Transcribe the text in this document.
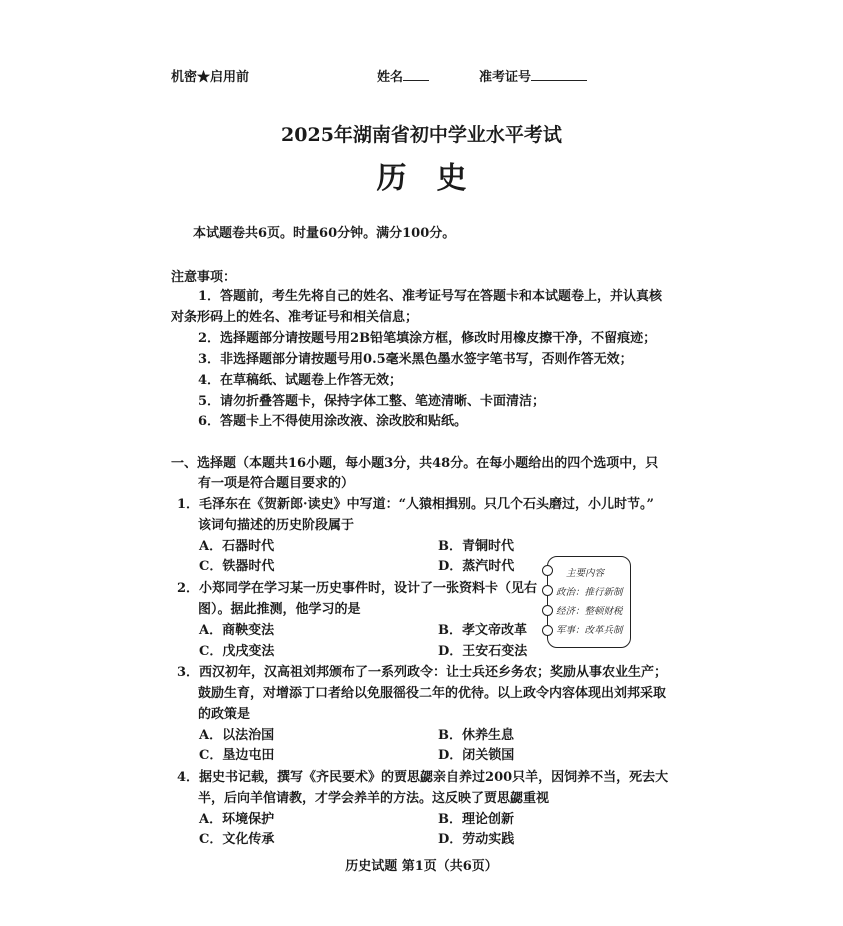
机密★启用前	姓名	准考证号
2025年湖南省初中学业水平考试
历史
本试题卷共6页。时量60分钟。满分100分。
注意事项：
1．答题前，考生先将自己的姓名、准考证号写在答题卡和本试题卷上，并认真核
对条形码上的姓名、准考证号和相关信息；
2．选择题部分请按题号用2B铅笔填涂方框，修改时用橡皮擦干净，不留痕迹；
3．非选择题部分请按题号用0.5毫米黑色墨水签字笔书写，否则作答无效；
4．在草稿纸、试题卷上作答无效；
5．请勿折叠答题卡，保持字体工整、笔迹清晰、卡面清洁；
6．答题卡上不得使用涂改液、涂改胶和贴纸。
一、选择题（本题共16小题，每小题3分，共48分。在每小题给出的四个选项中，只
有一项是符合题目要求的）
1．毛泽东在《贺新郎·读史》中写道：“人猿相揖别。只几个石头磨过，小儿时节。”
该词句描述的历史阶段属于
A．石器时代	B．青铜时代
C．铁器时代	D．蒸汽时代
2．小郑同学在学习某一历史事件时，设计了一张资料卡（见右
图）。据此推测，他学习的是
A．商鞅变法	B．孝文帝改革
C．戊戌变法	D．王安石变法
主要内容
政治：推行新制
经济：整顿财税
军事：改革兵制
3．西汉初年，汉高祖刘邦颁布了一系列政令：让士兵还乡务农；奖励从事农业生产；
鼓励生育，对增添丁口者给以免服徭役二年的优待。以上政令内容体现出刘邦采取
的政策是
A．以法治国	B．休养生息
C．垦边屯田	D．闭关锁国
4．据史书记载，撰写《齐民要术》的贾思勰亲自养过200只羊，因饲养不当，死去大
半，后向羊倌请教，才学会养羊的方法。这反映了贾思勰重视
A．环境保护	B．理论创新
C．文化传承	D．劳动实践
历史试题 第1页（共6页）
